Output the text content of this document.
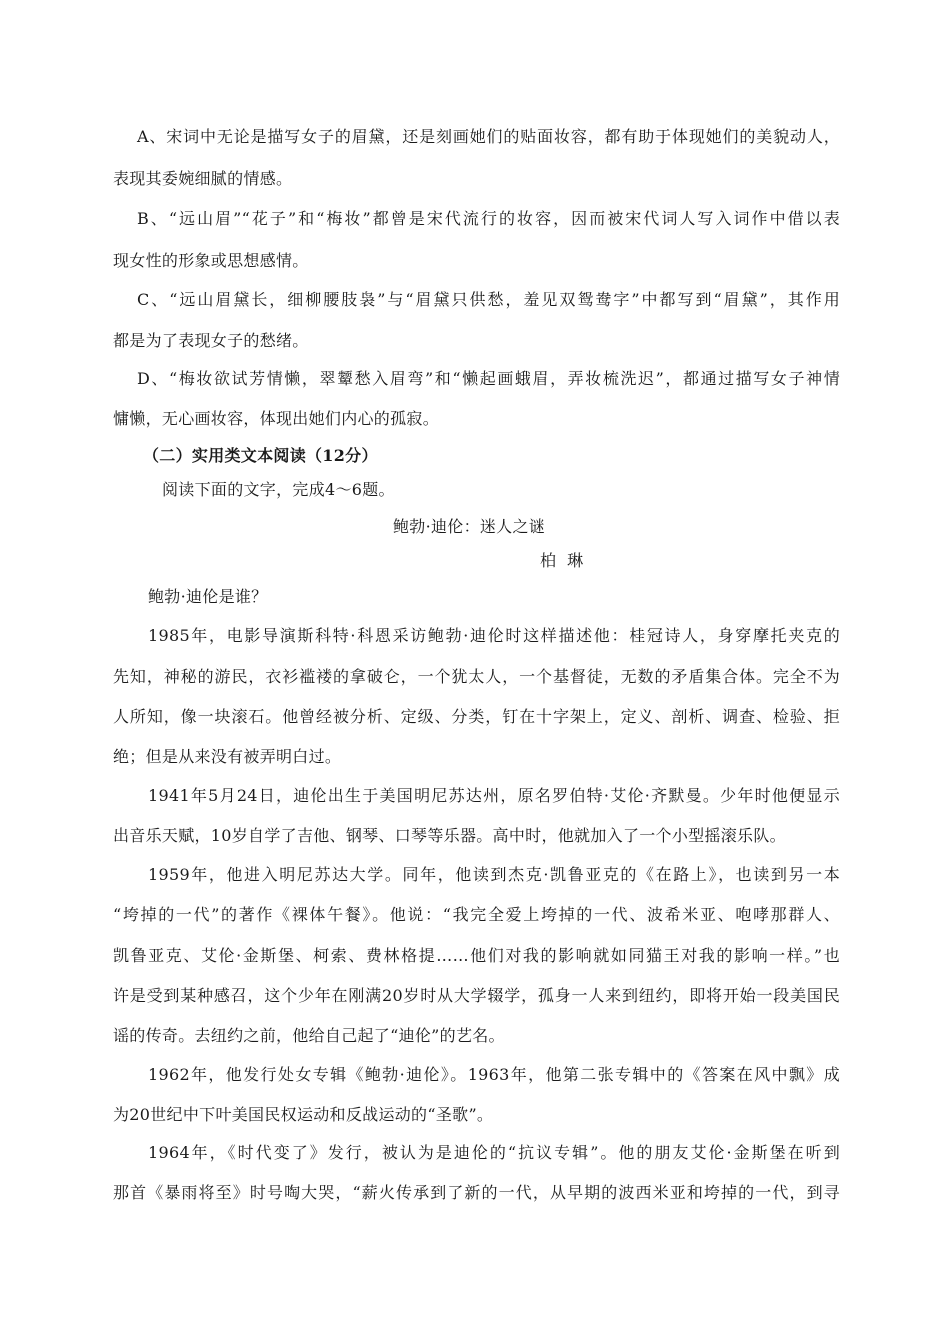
A、宋词中无论是描写女子的眉黛，还是刻画她们的贴面妆容，都有助于体现她们的美貌动人，
表现其委婉细腻的情感。
B、“远山眉”“花子”和“梅妆”都曾是宋代流行的妆容，因而被宋代词人写入词作中借以表
现女性的形象或思想感情。
C、“远山眉黛长，细柳腰肢袅”与“眉黛只供愁，羞见双鸳鸯字”中都写到“眉黛”，其作用
都是为了表现女子的愁绪。
D、“梅妆欲试芳情懒，翠颦愁入眉弯”和“懒起画蛾眉，弄妆梳洗迟”，都通过描写女子神情
慵懒，无心画妆容，体现出她们内心的孤寂。
（二）实用类文本阅读（12分）
阅读下面的文字，完成4～6题。
鲍勃·迪伦：迷人之谜
柏 琳
鲍勃·迪伦是谁？
1985年，电影导演斯科特·科恩采访鲍勃·迪伦时这样描述他：桂冠诗人，身穿摩托夹克的
先知，神秘的游民，衣衫褴褛的拿破仑，一个犹太人，一个基督徒，无数的矛盾集合体。完全不为
人所知，像一块滚石。他曾经被分析、定级、分类，钉在十字架上，定义、剖析、调查、检验、拒
绝；但是从来没有被弄明白过。
1941年5月24日，迪伦出生于美国明尼苏达州，原名罗伯特·艾伦·齐默曼。少年时他便显示
出音乐天赋，10岁自学了吉他、钢琴、口琴等乐器。高中时，他就加入了一个小型摇滚乐队。
1959年，他进入明尼苏达大学。同年，他读到杰克·凯鲁亚克的《在路上》，也读到另一本
“垮掉的一代”的著作《裸体午餐》。他说：“我完全爱上垮掉的一代、波希米亚、咆哮那群人、
凯鲁亚克、艾伦·金斯堡、柯索、费林格提……他们对我的影响就如同猫王对我的影响一样。”也
许是受到某种感召，这个少年在刚满20岁时从大学辍学，孤身一人来到纽约，即将开始一段美国民
谣的传奇。去纽约之前，他给自己起了“迪伦”的艺名。
1962年，他发行处女专辑《鲍勃·迪伦》。1963年，他第二张专辑中的《答案在风中飘》成
为20世纪中下叶美国民权运动和反战运动的“圣歌”。
1964年，《时代变了》发行，被认为是迪伦的“抗议专辑”。他的朋友艾伦·金斯堡在听到
那首《暴雨将至》时号啕大哭，“薪火传承到了新的一代，从早期的波西米亚和垮掉的一代，到寻
